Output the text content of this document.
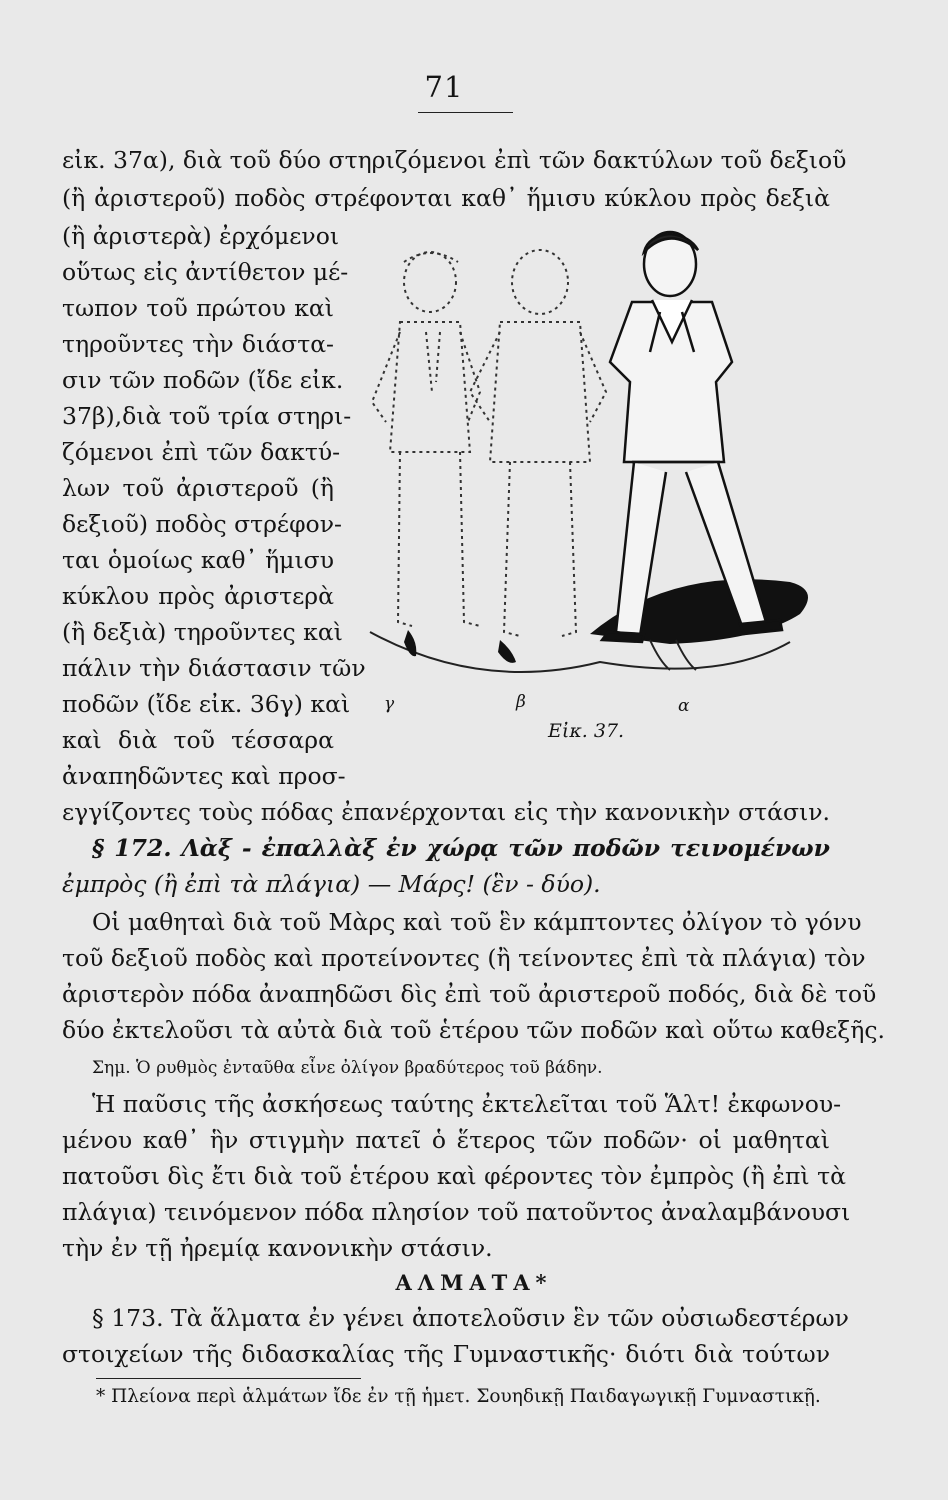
71

εἰκ. 37α), διὰ τοῦ δύο στηριζόμενοι ἐπὶ τῶν δακτύλων τοῦ δεξιοῦ

(ἢ ἀριστεροῦ) ποδὸς στρέφονται καθ᾽ ἥμισυ κύκλου πρὸς δεξιὰ

(ἢ ἀριστερὰ) ἐρχόμενοι

οὕτως εἰς ἀντίθετον μέ-

τωπον τοῦ πρώτου καὶ

τηροῦντες τὴν διάστα-

σιν τῶν ποδῶν (ἴδε εἰκ.

37β),διὰ τοῦ τρία στηρι-

ζόμενοι ἐπὶ τῶν δακτύ-

λων τοῦ ἀριστεροῦ (ἢ

δεξιοῦ) ποδὸς στρέφον-

ται ὁμοίως καθ᾽ ἥμισυ

κύκλου πρὸς ἀριστερὰ

(ἢ δεξιὰ) τηροῦντες καὶ

πάλιν τὴν διάστασιν τῶν

ποδῶν (ἴδε εἰκ. 36γ) καὶ

καὶ διὰ τοῦ τέσσαρα

ἀναπηδῶντες καὶ προσ-

εγγίζοντες τοὺς πόδας ἐπανέρχονται εἰς τὴν κανονικὴν στάσιν.

§ 172. Λὰξ - ἐπαλλὰξ ἐν χώρᾳ τῶν ποδῶν τεινομένων

ἐμπρὸς (ἢ ἐπὶ τὰ πλάγια) — Μάρς! (ἓν - δύο).

Οἱ μαθηταὶ διὰ τοῦ Μὰρς καὶ τοῦ ἓν κάμπτοντες ὀλίγον τὸ γόνυ

τοῦ δεξιοῦ ποδὸς καὶ προτείνοντες (ἢ τείνοντες ἐπὶ τὰ πλάγια) τὸν

ἀριστερὸν πόδα ἀναπηδῶσι δὶς ἐπὶ τοῦ ἀριστεροῦ ποδός, διὰ δὲ τοῦ

δύο ἐκτελοῦσι τὰ αὐτὰ διὰ τοῦ ἑτέρου τῶν ποδῶν καὶ οὕτω καθεξῆς.

Σημ. Ὁ ρυθμὸς ἐνταῦθα εἶνε ὀλίγον βραδύτερος τοῦ βάδην.

Ἡ παῦσις τῆς ἀσκήσεως ταύτης ἐκτελεῖται τοῦ Ἅλτ! ἐκφωνου-

μένου καθ᾽ ἣν στιγμὴν πατεῖ ὁ ἕτερος τῶν ποδῶν· οἱ μαθηταὶ

πατοῦσι δὶς ἔτι διὰ τοῦ ἑτέρου καὶ φέροντες τὸν ἐμπρὸς (ἢ ἐπὶ τὰ

πλάγια) τεινόμενον πόδα πλησίον τοῦ πατοῦντος ἀναλαμβάνουσι

τὴν ἐν τῇ ἠρεμίᾳ κανονικὴν στάσιν.

ΑΛΜΑΤΑ*

§ 173. Τὰ ἅλματα ἐν γένει ἀποτελοῦσιν ἓν τῶν οὐσιωδεστέρων

στοιχείων τῆς διδασκαλίας τῆς Γυμναστικῆς· διότι διὰ τούτων

* Πλείονα περὶ ἁλμάτων ἴδε ἐν τῇ ἡμετ. Σουηδικῇ Παιδαγωγικῇ Γυμναστικῇ.
γ	β	α
Εἰκ. 37.
